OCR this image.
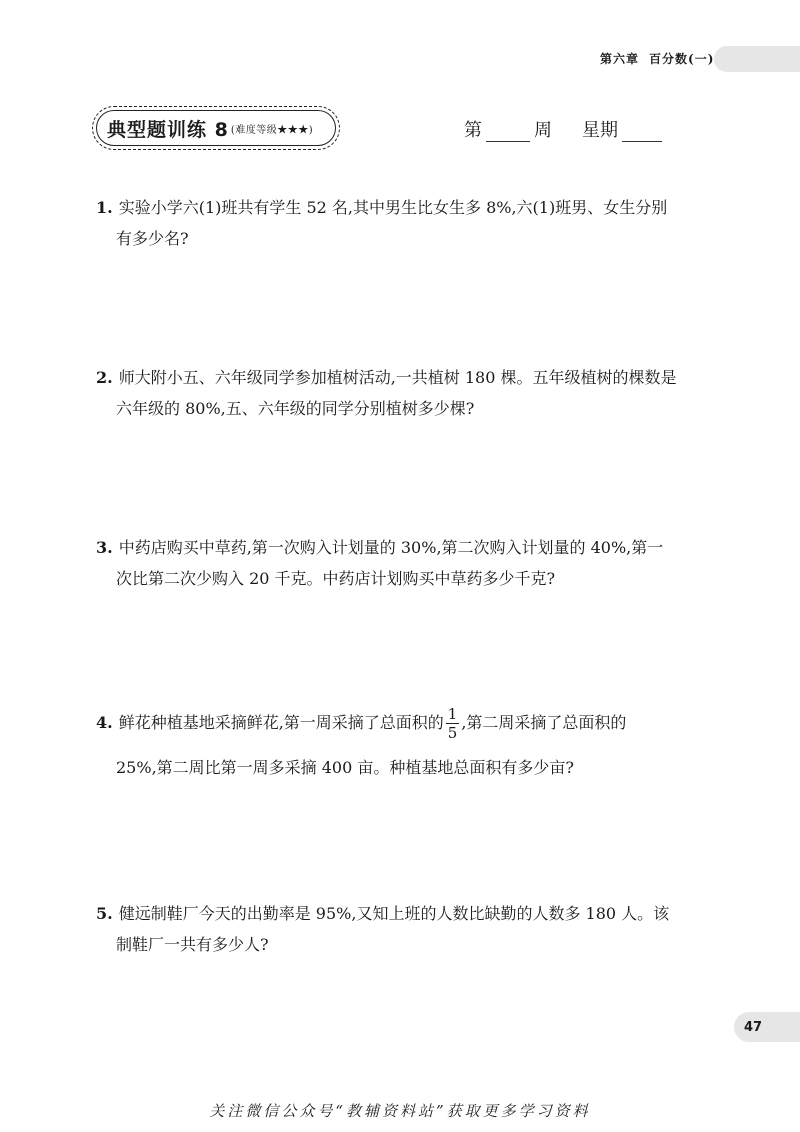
第六章 百分数(一)
典型题训练 8 (难度等级★★★)	第	周 星期
1. 实验小学六(1)班共有学生 52 名,其中男生比女生多 8%,六(1)班男、女生分别
有多少名?
2. 师大附小五、六年级同学参加植树活动,一共植树 180 棵。五年级植树的棵数是
六年级的 80%,五、六年级的同学分别植树多少棵?
3. 中药店购买中草药,第一次购入计划量的 30%,第二次购入计划量的 40%,第一
次比第二次少购入 20 千克。中药店计划购买中草药多少千克?
4. 鲜花种植基地采摘鲜花,第一周采摘了总面积的 $\frac{1}{5}$ ,第二周采摘了总面积的
25%,第二周比第一周多采摘 400 亩。种植基地总面积有多少亩?
5. 健远制鞋厂今天的出勤率是 95%,又知上班的人数比缺勤的人数多 180 人。该
制鞋厂一共有多少人?
47
关注微信公众号“教辅资料站”获取更多学习资料
